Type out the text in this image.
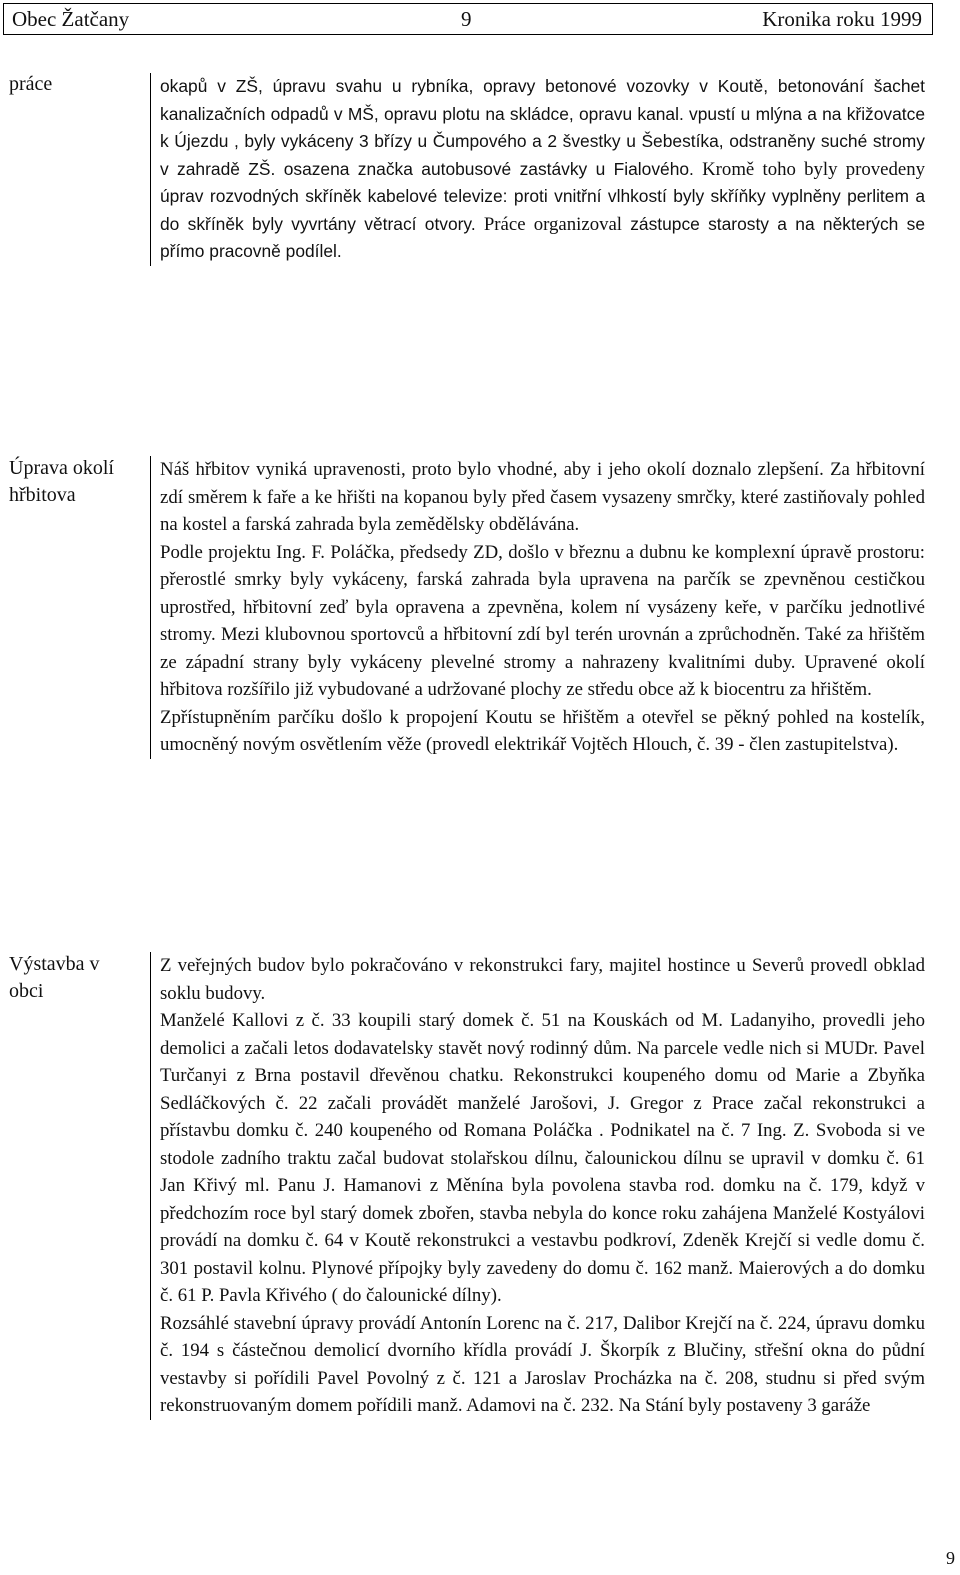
Obec Žatčany	9	Kronika roku 1999
práce	okapů v ZŠ, úpravu svahu u rybníka, opravy betonové vozovky v Koutě, betonování šachet kanalizačních odpadů v MŠ, opravu plotu na skládce, opravu kanal. vpustí u mlýna a na křižovatce k Újezdu , byly vykáceny 3 břízy u Čumpového a 2 švestky u Šebestíka, odstraněny suché stromy v zahradě ZŠ. osazena značka autobusové zastávky u Fialového. Kromě toho byly provedeny úprav rozvodných skříněk kabelové televize: proti vnitřní vlhkostí byly skříňky vyplněny perlitem a do skříněk byly vyvrtány větrací otvory. Práce organizoval zástupce starosty a na některých se přímo pracovně podílel.

Úprava okolí hřbitova

Náš hřbitov vyniká upravenosti, proto bylo vhodné, aby i jeho okolí doznalo zlepšení. Za hřbitovní zdí směrem k faře a ke hřišti na kopanou byly před časem vysazeny smrčky, které zastiňovaly pohled na kostel a farská zahrada byla zemědělsky obdělávána.

Podle projektu Ing. F. Poláčka, předsedy ZD, došlo v březnu a dubnu ke komplexní úpravě prostoru: přerostlé smrky byly vykáceny, farská zahrada byla upravena na parčík se zpevněnou cestičkou uprostřed, hřbitovní zeď byla opravena a zpevněna, kolem ní vysázeny keře, v parčíku jednotlivé stromy. Mezi klubovnou sportovců a hřbitovní zdí byl terén urovnán a zprůchodněn. Také za hřištěm ze západní strany byly vykáceny plevelné stromy a nahrazeny kvalitními duby. Upravené okolí hřbitova rozšířilo již vybudované a udržované plochy ze středu obce až k biocentru za hřištěm.

Zpřístupněním parčíku došlo k propojení Koutu se hřištěm a otevřel se pěkný pohled na kostelík, umocněný novým osvětlením věže (provedl elektrikář Vojtěch Hlouch, č. 39 - člen zastupitelstva).

Výstavba v obci

Z veřejných budov bylo pokračováno v rekonstrukci fary, majitel hostince u Severů provedl obklad soklu budovy.

Manželé Kallovi z č. 33 koupili starý domek č. 51 na Kouskách od M. Ladanyiho, provedli jeho demolici a začali letos dodavatelsky stavět nový rodinný dům. Na parcele vedle nich si MUDr. Pavel Turčanyi z Brna postavil dřevěnou chatku. Rekonstrukci koupeného domu od Marie a Zbyňka Sedláčkových č. 22 začali provádět manželé Jarošovi, J. Gregor z Prace začal rekonstrukci a přístavbu domku č. 240 koupeného od Romana Poláčka . Podnikatel na č. 7 Ing. Z. Svoboda si ve stodole zadního traktu začal budovat stolařskou dílnu, čalounickou dílnu se upravil v domku č. 61 Jan Křivý ml. Panu J. Hamanovi z Měnína byla povolena stavba rod. domku na č. 179, když v předchozím roce byl starý domek zbořen, stavba nebyla do konce roku zahájena Manželé Kostyálovi provádí na domku č. 64 v Koutě rekonstrukci a vestavbu podkroví, Zdeněk Krejčí si vedle domu č. 301 postavil kolnu. Plynové přípojky byly zavedeny do domu č. 162 manž. Maierových a do domku č. 61 P. Pavla Křivého ( do čalounické dílny).

Rozsáhlé stavební úpravy provádí Antonín Lorenc na č. 217, Dalibor Krejčí na č. 224, úpravu domku č. 194 s částečnou demolicí dvorního křídla provádí J. Škorpík z Blučiny, střešní okna do půdní vestavby si pořídili Pavel Povolný z č. 121 a Jaroslav Procházka na č. 208, studnu si před svým rekonstruovaným domem pořídili manž. Adamovi na č. 232. Na Stání byly postaveny 3 garáže

9
